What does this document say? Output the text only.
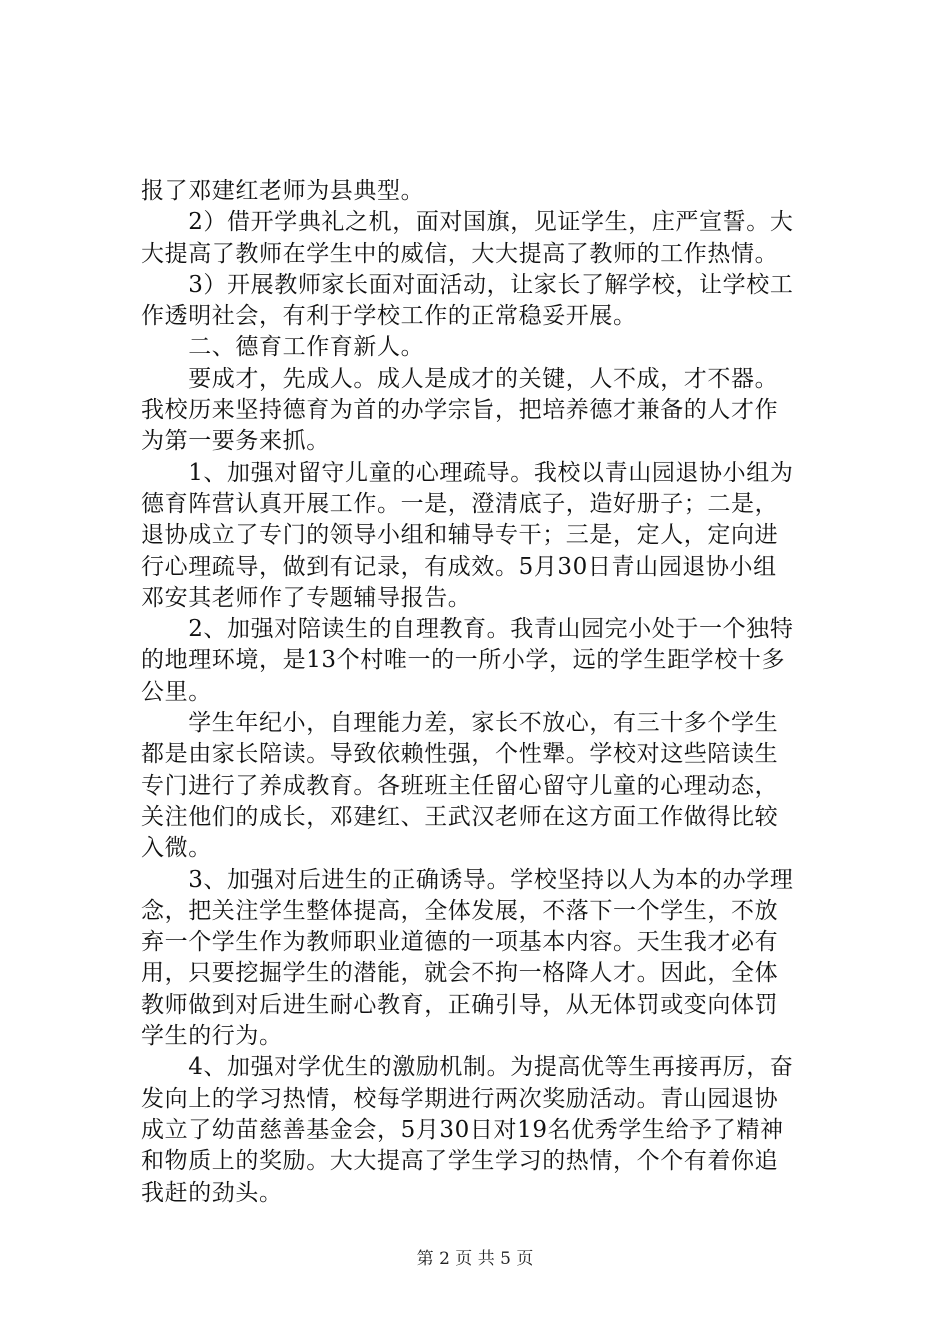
报了邓建红老师为县典型。
　　2）借开学典礼之机，面对国旗，见证学生，庄严宣誓。大
大提高了教师在学生中的威信，大大提高了教师的工作热情。
　　3）开展教师家长面对面活动，让家长了解学校，让学校工
作透明社会，有利于学校工作的正常稳妥开展。
　　二、德育工作育新人。
　　要成才，先成人。成人是成才的关键，人不成，才不器。
我校历来坚持德育为首的办学宗旨，把培养德才兼备的人才作
为第一要务来抓。
　　1、加强对留守儿童的心理疏导。我校以青山园退协小组为
德育阵营认真开展工作。一是，澄清底子，造好册子；二是，
退协成立了专门的领导小组和辅导专干；三是，定人，定向进
行心理疏导，做到有记录，有成效。5月30日青山园退协小组
邓安其老师作了专题辅导报告。
　　2、加强对陪读生的自理教育。我青山园完小处于一个独特
的地理环境，是13个村唯一的一所小学，远的学生距学校十多
公里。
　　学生年纪小，自理能力差，家长不放心，有三十多个学生
都是由家长陪读。导致依赖性强，个性犟。学校对这些陪读生
专门进行了养成教育。各班班主任留心留守儿童的心理动态，
关注他们的成长，邓建红、王武汉老师在这方面工作做得比较
入微。
　　3、加强对后进生的正确诱导。学校坚持以人为本的办学理
念，把关注学生整体提高，全体发展，不落下一个学生，不放
弃一个学生作为教师职业道德的一项基本内容。天生我才必有
用，只要挖掘学生的潜能，就会不拘一格降人才。因此，全体
教师做到对后进生耐心教育，正确引导，从无体罚或变向体罚
学生的行为。
　　4、加强对学优生的激励机制。为提高优等生再接再厉，奋
发向上的学习热情，校每学期进行两次奖励活动。青山园退协
成立了幼苗慈善基金会，5月30日对19名优秀学生给予了精神
和物质上的奖励。大大提高了学生学习的热情，个个有着你追
我赶的劲头。
第 2 页 共 5 页
